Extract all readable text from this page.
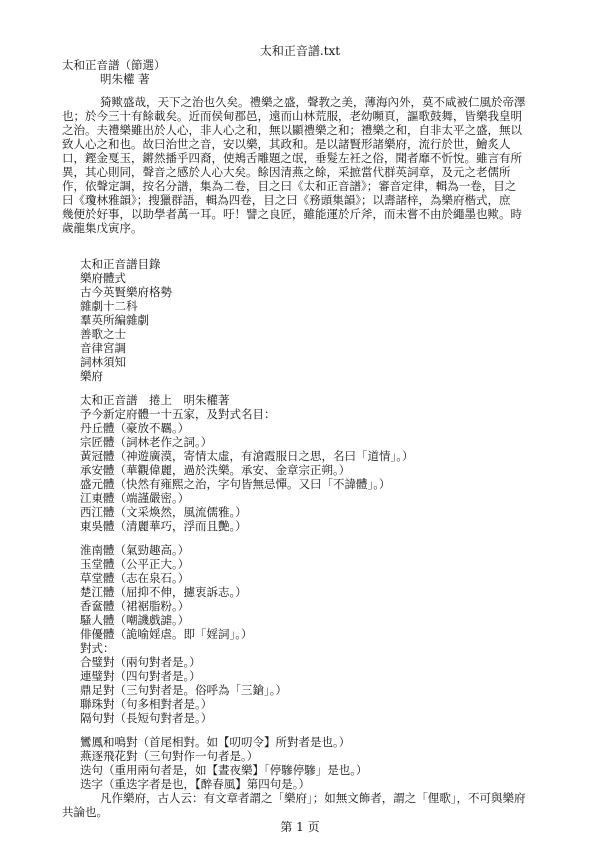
太和正音譜.txt
太和正音譜（節選）
明朱權 著
猗歟盛哉，天下之治也久矣。禮樂之盛，聲教之美，薄海內外，莫不咸被仁風於帝澤
也；於今三十有餘載矣。近而侯甸郡邑，遠而山林荒服，老幼嚬頁，謳歌鼓舞，皆樂我皇明
之治。夫禮樂雖出於人心，非人心之和，無以顯禮樂之和；禮樂之和，自非太平之盛，無以
致人心之和也。故曰治世之音，安以樂，其政和。是以諸賢形諸樂府，流行於世，鱠炙人
口，鏗金戛玉，鏘然播乎四裔，使鴂舌雕題之氓，垂髮左衽之俗，聞者靡不忻悅。雖言有所
異，其心則同，聲音之感於人心大矣。餘因清燕之餘，采摭當代群英詞章，及元之老儒所
作，依聲定調，按名分譜，集為二卷，目之曰《太和正音譜》；審音定律，輯為一卷，目之
曰《瓊林雅韻》；搜獵群語，輯為四卷，目之曰《務頭集韻》；以壽諸梓，為樂府楷式，庶
幾便於好事，以助學者萬一耳。吁！譬之良匠，雖能運於斤斧，而未嘗不由於繩墨也歟。時
歲龍集戊寅序。
太和正音譜目錄
樂府體式
古今英賢樂府格勢
雜劇十二科
羣英所編雜劇
善歌之士
音律宮調
詞林須知
樂府
太和正音譜　捲上　明朱權著
予今新定府體一十五家，及對式名目：
丹丘體（豪放不羈。）
宗匠體（詞林老作之詞。）
黃冠體（神遊廣漠，寄情太虛，有滄霞服日之思，名曰「道情」。）
承安體（華觀偉麗，過於泆樂。承安、金章宗正朔。）
盛元體（快然有雍熙之治，字句皆無忌憚。又曰「不諱體」。）
江東體（端謹嚴密。）
西江體（文采煥然，風流儒雅。）
東吳體（清麗華巧，浮而且艷。）
淮南體（氣勁趣高。）
玉堂體（公平正大。）
草堂體（志在泉石。）
楚江體（屈抑不伸，攄衷訴志。）
香奩體（裙裾脂粉。）
騷人體（嘲譏戲謔。）
俳優體（詭喻婬虐。即「婬詞」。）
對式：
合璧對（兩句對者是。）
連璧對（四句對者是。）
鼎足對（三句對者是。俗呼為「三鎗」。）
聯珠對（句多相對者是。）
隔句對（長短句對者是。）
鸞鳳和鳴對（首尾相對。如【叨叨令】所對者是也。）
燕逐飛花對（三句對作一句者是。）
迭句（重用兩句者是，如【晝夜樂】「停驂停驂」是也。）
迭字（重迭字者是也，【醉春風】第四句是。）
凡作樂府，古人云：有文章者謂之「樂府」；如無文飾者，謂之「俚歌」，不可與樂府
共論也。
第 1 页
